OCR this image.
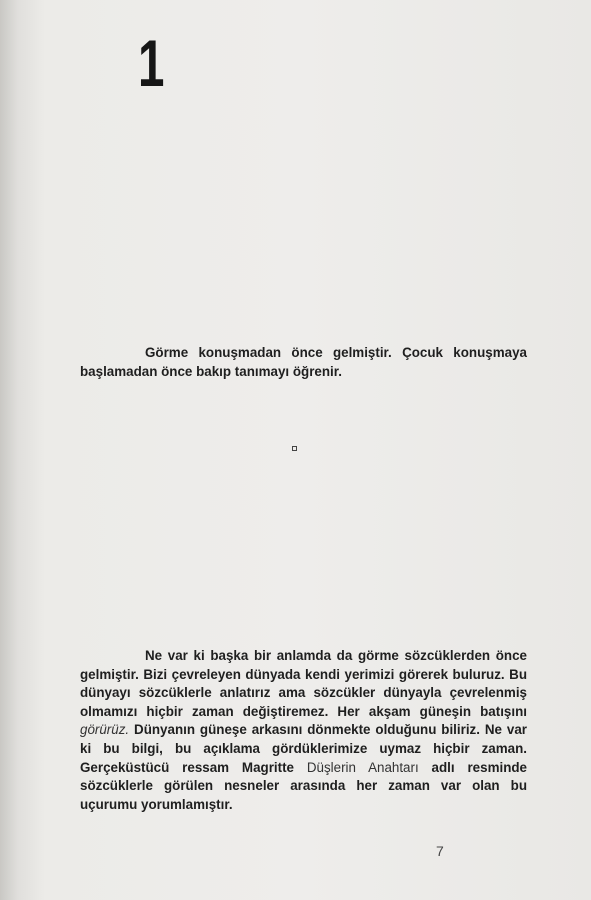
1
Görme konuşmadan önce gelmiştir. Çocuk konuşmaya başlamadan önce bakıp tanımayı öğrenir.
Ne var ki başka bir anlamda da görme sözcüklerden önce gelmiştir. Bizi çevreleyen dünyada kendi yerimizi görerek buluruz. Bu dünyayı sözcüklerle anlatırız ama sözcükler dünyayla çevrelenmiş olmamızı hiçbir zaman değiştiremez. Her akşam güneşin batışını görürüz. Dünyanın güneşe arkasını dönmekte olduğunu biliriz. Ne var ki bu bilgi, bu açıklama gördüklerimize uymaz hiçbir zaman. Gerçeküstücü ressam Magritte Düşlerin Anahtarı adlı resminde sözcüklerle görülen nesneler arasında her zaman var olan bu uçurumu yorumlamıştır.
7
